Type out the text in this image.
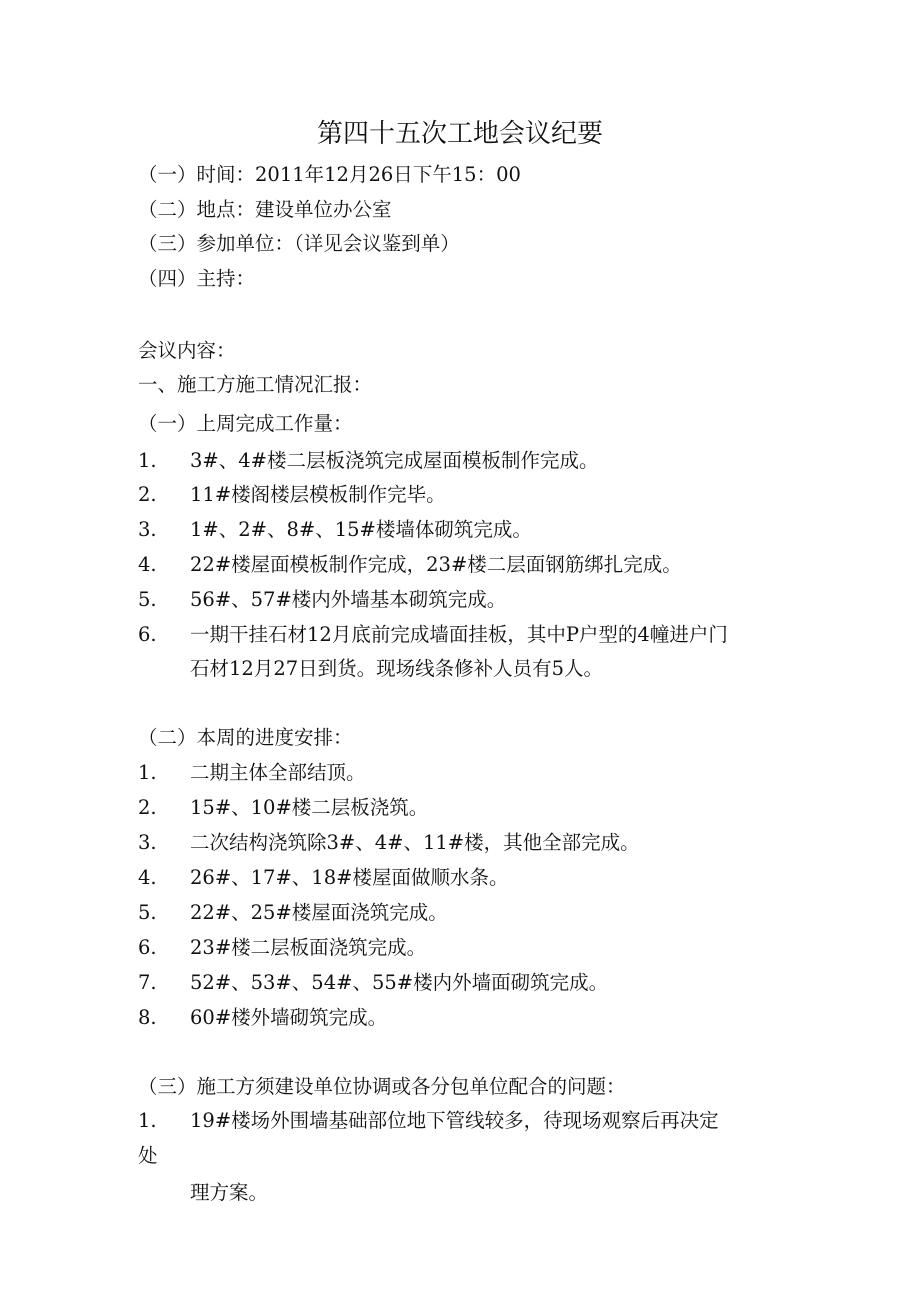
第四十五次工地会议纪要
（一）时间：2011年12月26日下午15：00
（二）地点：建设单位办公室
（三）参加单位：（详见会议鉴到单）
（四）主持：
会议内容：
一、施工方施工情况汇报：
（一）上周完成工作量：
1. 3#、4#楼二层板浇筑完成屋面模板制作完成。
2. 11#楼阁楼层模板制作完毕。
3. 1#、2#、8#、15#楼墙体砌筑完成。
4. 22#楼屋面模板制作完成，23#楼二层面钢筋绑扎完成。
5. 56#、57#楼内外墙基本砌筑完成。
6. 一期干挂石材12月底前完成墙面挂板，其中P户型的4幢进户门
石材12月27日到货。现场线条修补人员有5人。
（二）本周的进度安排：
1. 二期主体全部结顶。
2. 15#、10#楼二层板浇筑。
3. 二次结构浇筑除3#、4#、11#楼，其他全部完成。
4. 26#、17#、18#楼屋面做顺水条。
5. 22#、25#楼屋面浇筑完成。
6. 23#楼二层板面浇筑完成。
7. 52#、53#、54#、55#楼内外墙面砌筑完成。
8. 60#楼外墙砌筑完成。
（三）施工方须建设单位协调或各分包单位配合的问题：
1. 19#楼场外围墙基础部位地下管线较多，待现场观察后再决定
处
理方案。
